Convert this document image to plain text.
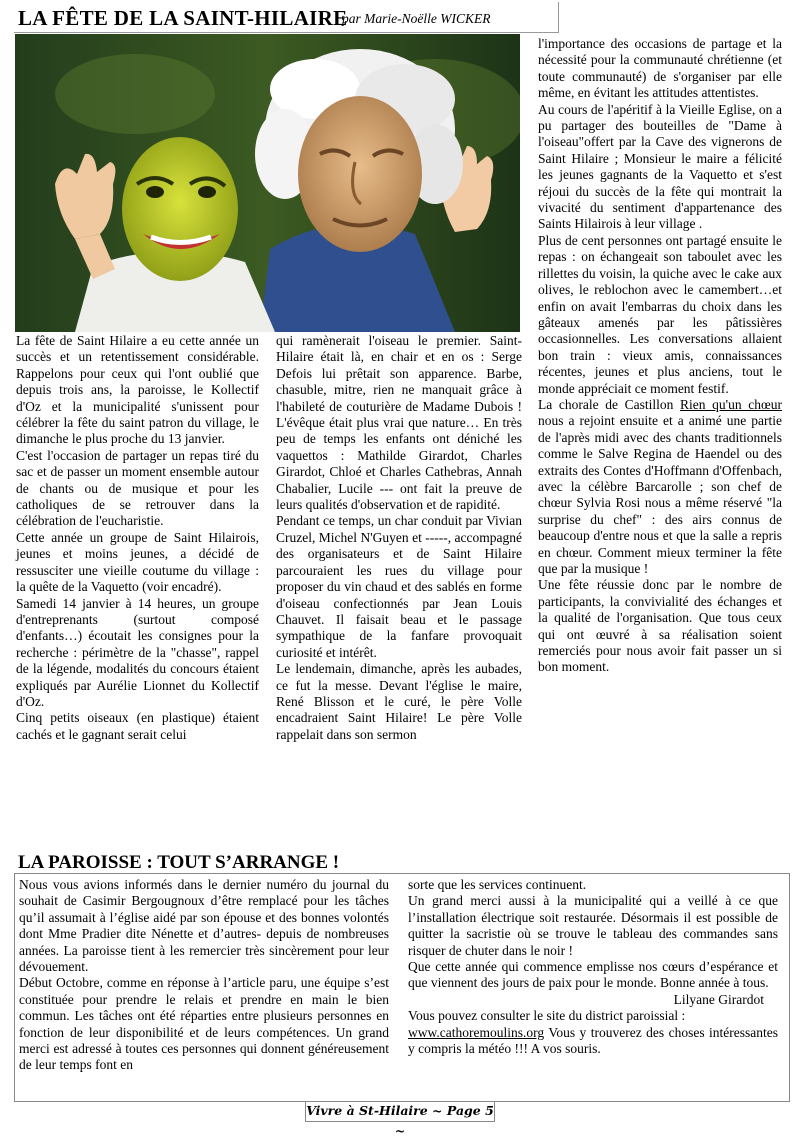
LA FÊTE DE LA SAINT-HILAIRE
par Marie-Noëlle WICKER

La fête de Saint Hilaire a eu cette année un succès et un retentissement considérable. Rappelons pour ceux qui l'ont oublié que depuis trois ans, la paroisse, le Kollectif d'Oz et la municipalité s'unissent pour célébrer la fête du saint patron du village, le dimanche le plus proche du 13 janvier.

C'est l'occasion de partager un repas tiré du sac et de passer un moment ensemble autour de chants ou de musique et pour les catholiques de se retrouver dans la célébration de l'eucharistie.

Cette année un groupe de Saint Hilairois, jeunes et moins jeunes, a décidé de ressusciter une vieille coutume du village : la quête de la Vaquetto (voir encadré).

Samedi 14 janvier à 14 heures, un groupe d'entreprenants (surtout composé d'enfants…) écoutait les consignes pour la recherche : périmètre de la "chasse", rappel de la légende, modalités du concours étaient expliqués par Aurélie Lionnet du Kollectif d'Oz.

Cinq petits oiseaux (en plastique) étaient cachés et le gagnant serait celui

qui ramènerait l'oiseau le premier. Saint- Hilaire était là, en chair et en os : Serge Defois lui prêtait son apparence. Barbe, chasuble, mitre, rien ne manquait grâce à l'habileté de couturière de Madame Dubois ! L'évêque était plus vrai que nature… En très peu de temps les enfants ont déniché les vaquettos : Mathilde Girardot, Charles Girardot, Chloé et Charles Cathebras, Annah Chabalier, Lucile --- ont fait la preuve de leurs qualités d'observation et de rapidité.

Pendant ce temps, un char conduit par Vivian Cruzel, Michel N'Guyen et -----, accompagné des organisateurs et de Saint Hilaire parcouraient les rues du village pour proposer du vin chaud et des sablés en forme d'oiseau confectionnés par Jean Louis Chauvet. Il faisait beau et le passage sympathique de la fanfare provoquait curiosité et intérêt.

Le lendemain, dimanche, après les aubades, ce fut la messe. Devant l'église le maire, René Blisson et le curé, le père Volle encadraient Saint Hilaire! Le père Volle rappelait dans son sermon

l'importance des occasions de partage et la nécessité pour la communauté chrétienne (et toute communauté) de s'organiser par elle même, en évitant les attitudes attentistes.

Au cours de l'apéritif à la Vieille Eglise, on a pu partager des bouteilles de "Dame à l'oiseau"offert par la Cave des vignerons de Saint Hilaire ; Monsieur le maire a félicité les jeunes gagnants de la Vaquetto et s'est réjoui du succès de la fête qui montrait la vivacité du sentiment d'appartenance des Saints Hilairois à leur village .

Plus de cent personnes ont partagé ensuite le repas : on échangeait son taboulet avec les rillettes du voisin, la quiche avec le cake aux olives, le reblochon avec le camembert…et enfin on avait l'embarras du choix dans les gâteaux amenés par les pâtissières occasionnelles. Les conversations allaient bon train : vieux amis, connaissances récentes, jeunes et plus anciens, tout le monde appréciait ce moment festif.

La chorale de Castillon Rien qu'un chœur nous a rejoint ensuite et a animé une partie de l'après midi avec des chants traditionnels comme le Salve Regina de Haendel ou des extraits des Contes d'Hoffmann d'Offenbach, avec la célèbre Barcarolle ; son chef de chœur Sylvia Rosi nous a même réservé "la surprise du chef" : des airs connus de beaucoup d'entre nous et que la salle a repris en chœur. Comment mieux terminer la fête que par la musique !

Une fête réussie donc par le nombre de participants, la convivialité des échanges et la qualité de l'organisation. Que tous ceux qui ont œuvré à sa réalisation soient remerciés pour nous avoir fait passer un si bon moment.

LA PAROISSE : TOUT S’ARRANGE !

Nous vous avions informés dans le dernier numéro du journal du souhait de Casimir Bergougnoux d’être remplacé pour les tâches qu’il assumait à l’église aidé par son épouse et des bonnes volontés dont Mme Pradier dite Nénette et d’autres- depuis de nombreuses années. La paroisse tient à les remercier très sincèrement pour leur dévouement.

Début Octobre, comme en réponse à l’article paru, une équipe s’est constituée pour prendre le relais et prendre en main le bien commun. Les tâches ont été réparties entre plusieurs personnes en fonction de leur disponibilité et de leurs compétences. Un grand merci est adressé à toutes ces personnes qui donnent généreusement de leur temps font en

sorte que les services continuent.

Un grand merci aussi à la municipalité qui a veillé à ce que l’installation électrique soit restaurée. Désormais il est possible de quitter la sacristie où se trouve le tableau des commandes sans risquer de chuter dans le noir !

Que cette année qui commence emplisse nos cœurs d’espérance et que viennent des jours de paix pour le monde. Bonne année à tous.

Lilyane Girardot

Vous pouvez consulter le site du district paroissial :

www.cathoremoulins.org Vous y trouverez des choses intéressantes y compris la météo !!! A vos souris.

Vivre à St-Hilaire ~ Page 5 ~
